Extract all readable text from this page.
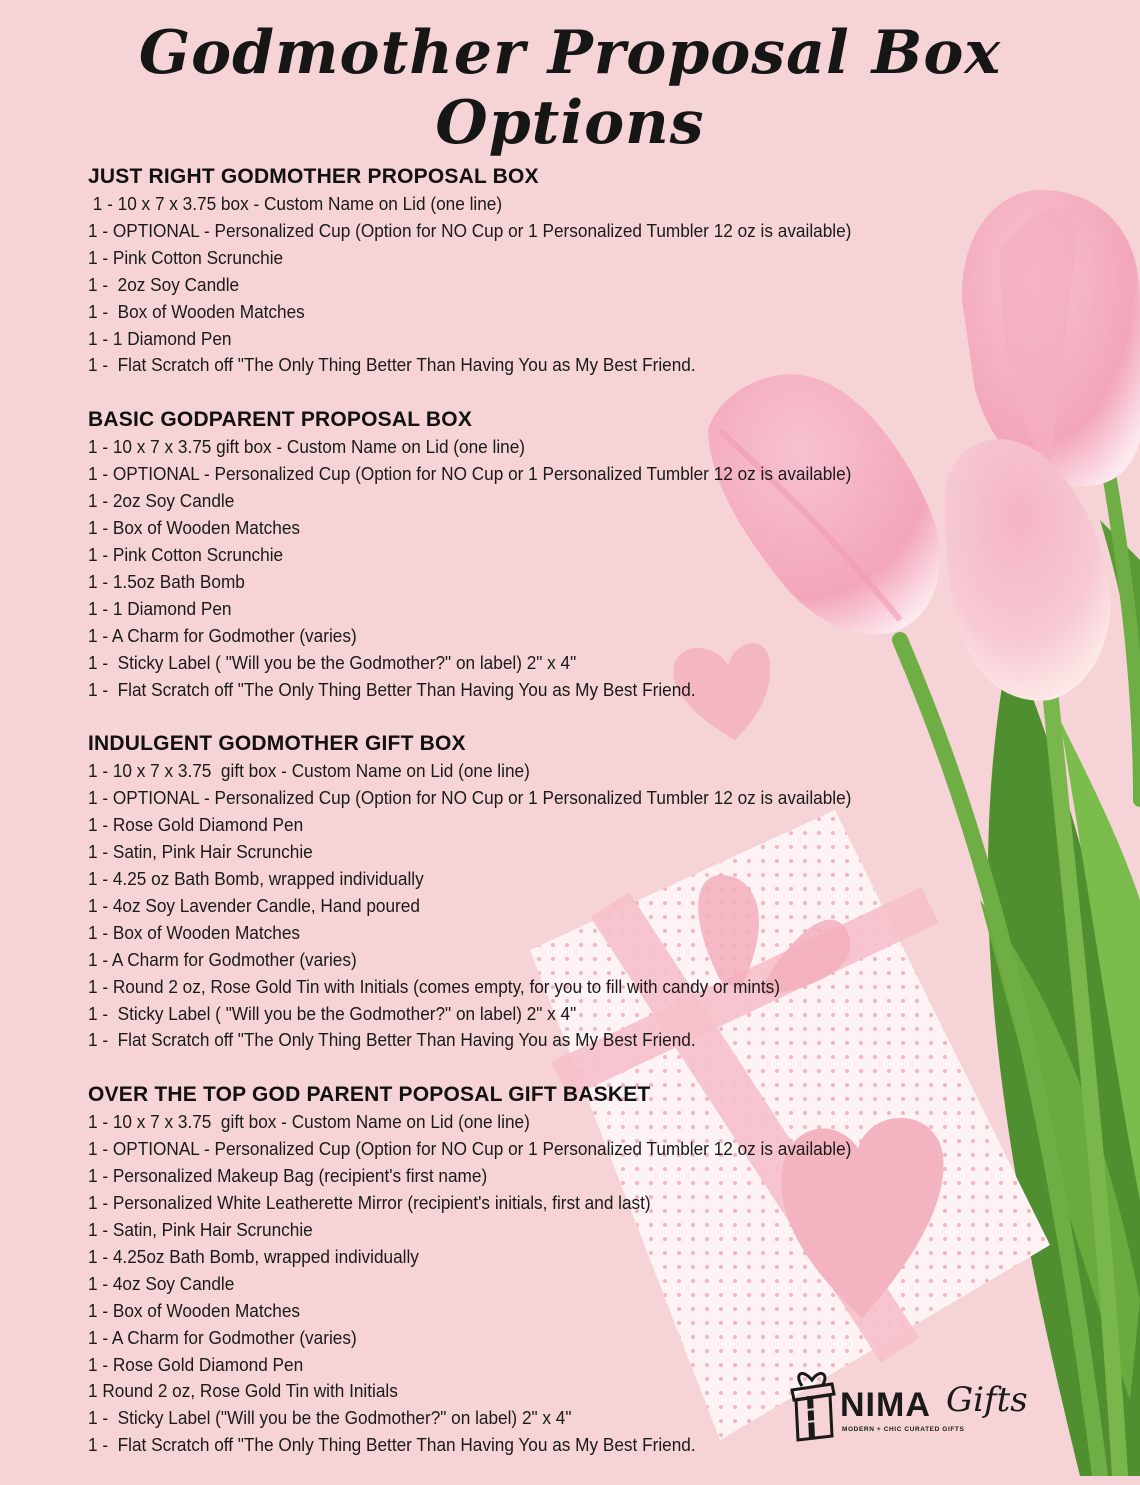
Godmother Proposal Box Options
JUST RIGHT GODMOTHER PROPOSAL BOX
1 - 10 x 7 x 3.75 box - Custom Name on Lid (one line)
1 - OPTIONAL - Personalized Cup (Option for NO Cup or 1 Personalized Tumbler 12 oz is available)
1 - Pink Cotton Scrunchie
1 -  2oz Soy Candle
1 -  Box of Wooden Matches
1 - 1 Diamond Pen
1 -  Flat Scratch off "The Only Thing Better Than Having You as My Best Friend.
BASIC GODPARENT PROPOSAL BOX
1 - 10 x 7 x 3.75 gift box - Custom Name on Lid (one line)
1 - OPTIONAL - Personalized Cup (Option for NO Cup or 1 Personalized Tumbler 12 oz is available)
1 - 2oz Soy Candle
1 - Box of Wooden Matches
1 - Pink Cotton Scrunchie
1 - 1.5oz Bath Bomb
1 - 1 Diamond Pen
1 - A Charm for Godmother (varies)
1 -  Sticky Label ( "Will you be the Godmother?" on label) 2" x 4"
1 -  Flat Scratch off "The Only Thing Better Than Having You as My Best Friend.
INDULGENT GODMOTHER GIFT BOX
1 - 10 x 7 x 3.75  gift box - Custom Name on Lid (one line)
1 - OPTIONAL - Personalized Cup (Option for NO Cup or 1 Personalized Tumbler 12 oz is available)
1 - Rose Gold Diamond Pen
1 - Satin, Pink Hair Scrunchie
1 - 4.25 oz Bath Bomb, wrapped individually
1 - 4oz Soy Lavender Candle, Hand poured
1 - Box of Wooden Matches
1 - A Charm for Godmother (varies)
1 - Round 2 oz, Rose Gold Tin with Initials (comes empty, for you to fill with candy or mints)
1 -  Sticky Label ( "Will you be the Godmother?" on label) 2" x 4"
1 -  Flat Scratch off "The Only Thing Better Than Having You as My Best Friend.
OVER THE TOP GOD PARENT POPOSAL GIFT BASKET
1 - 10 x 7 x 3.75  gift box - Custom Name on Lid (one line)
1 - OPTIONAL - Personalized Cup (Option for NO Cup or 1 Personalized Tumbler 12 oz is available)
1 - Personalized Makeup Bag (recipient's first name)
1 - Personalized White Leatherette Mirror (recipient's initials, first and last)
1 - Satin, Pink Hair Scrunchie
1 - 4.25oz Bath Bomb, wrapped individually
1 - 4oz Soy Candle
1 - Box of Wooden Matches
1 - A Charm for Godmother (varies)
1 - Rose Gold Diamond Pen
1 Round 2 oz, Rose Gold Tin with Initials
1 -  Sticky Label ("Will you be the Godmother?" on label) 2" x 4"
1 -  Flat Scratch off "The Only Thing Better Than Having You as My Best Friend.
NIMA Gifts
MODERN + CHIC CURATED GIFTS
